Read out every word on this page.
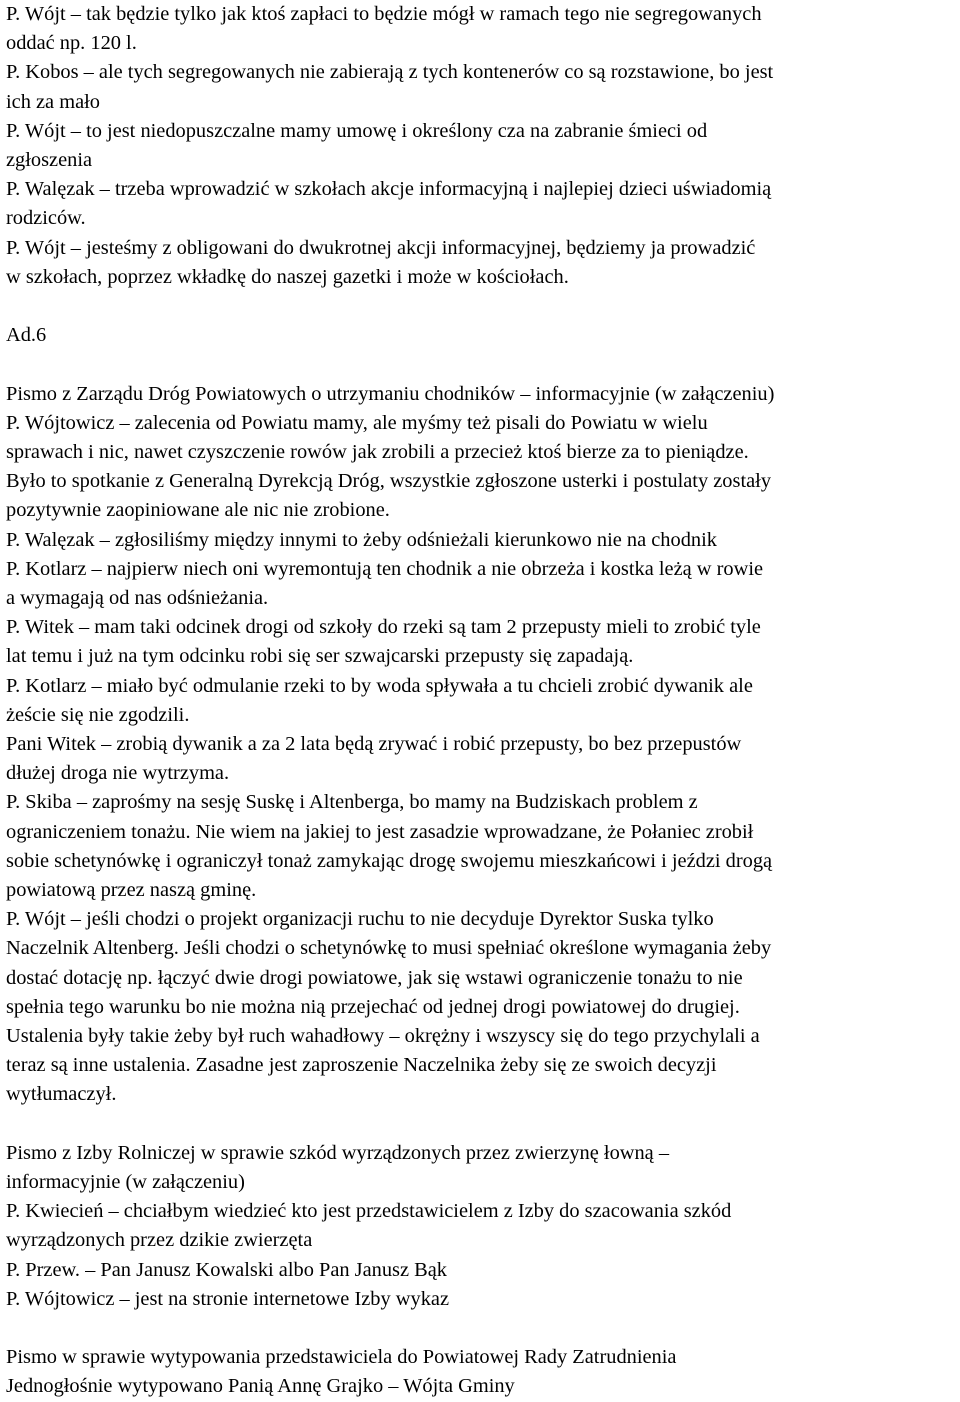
P. Wójt – tak będzie tylko jak ktoś zapłaci to będzie mógł w ramach tego nie segregowanych

oddać np. 120 l.

P. Kobos – ale tych segregowanych nie zabierają z tych kontenerów co są rozstawione, bo jest

ich za mało

P. Wójt – to jest niedopuszczalne mamy umowę i określony cza na zabranie śmieci od

zgłoszenia

P. Walęzak – trzeba wprowadzić w szkołach akcje informacyjną i najlepiej dzieci uświadomią

rodziców.

P. Wójt – jesteśmy z obligowani do dwukrotnej akcji informacyjnej, będziemy ja prowadzić

w szkołach, poprzez wkładkę do naszej gazetki i może w kościołach.

Ad.6

Pismo z Zarządu Dróg Powiatowych o utrzymaniu chodników – informacyjnie (w załączeniu)

P. Wójtowicz – zalecenia od Powiatu mamy, ale myśmy też pisali do Powiatu w wielu

sprawach i nic, nawet czyszczenie rowów jak zrobili a przecież ktoś bierze za to pieniądze.

Było to spotkanie z Generalną Dyrekcją Dróg, wszystkie zgłoszone usterki i postulaty zostały

pozytywnie zaopiniowane ale nic nie zrobione.

P. Walęzak – zgłosiliśmy między innymi to żeby odśnieżali kierunkowo nie na chodnik

P. Kotlarz – najpierw niech oni wyremontują ten chodnik a nie obrzeża i kostka leżą w rowie

a wymagają od nas odśnieżania.

P. Witek – mam taki odcinek drogi od szkoły do rzeki są tam 2 przepusty mieli to zrobić tyle

lat temu i już na tym odcinku robi się ser szwajcarski przepusty się zapadają.

P. Kotlarz – miało być odmulanie rzeki to by woda spływała a tu chcieli zrobić dywanik ale

żeście się nie zgodzili.

Pani Witek – zrobią dywanik a za 2 lata będą zrywać i robić przepusty, bo bez przepustów

dłużej droga nie wytrzyma.

P. Skiba – zaprośmy na sesję Suskę i Altenberga, bo mamy na Budziskach problem z

ograniczeniem tonażu. Nie wiem na jakiej to jest zasadzie wprowadzane, że Połaniec zrobił

sobie schetynówkę i ograniczył tonaż zamykając drogę swojemu mieszkańcowi i jeździ drogą

powiatową przez naszą gminę.

P. Wójt – jeśli chodzi o projekt organizacji ruchu to nie decyduje Dyrektor Suska tylko

Naczelnik Altenberg. Jeśli chodzi o schetynówkę to musi spełniać określone wymagania żeby

dostać dotację np. łączyć dwie drogi powiatowe, jak się wstawi ograniczenie tonażu to nie

spełnia tego warunku bo nie można nią przejechać od jednej drogi powiatowej do drugiej.

Ustalenia były takie żeby był ruch wahadłowy – okrężny i wszyscy się do tego przychylali a

teraz są inne ustalenia. Zasadne jest zaproszenie Naczelnika żeby się ze swoich decyzji

wytłumaczył.

Pismo z Izby Rolniczej w sprawie szkód wyrządzonych przez zwierzynę łowną –

informacyjnie (w załączeniu)

P. Kwiecień – chciałbym wiedzieć kto jest przedstawicielem z Izby do szacowania szkód

wyrządzonych przez dzikie zwierzęta

P. Przew. – Pan Janusz Kowalski albo Pan Janusz Bąk

P. Wójtowicz – jest na stronie internetowe Izby wykaz

Pismo w sprawie wytypowania przedstawiciela do Powiatowej Rady Zatrudnienia

Jednogłośnie wytypowano Panią Annę Grajko – Wójta Gminy
